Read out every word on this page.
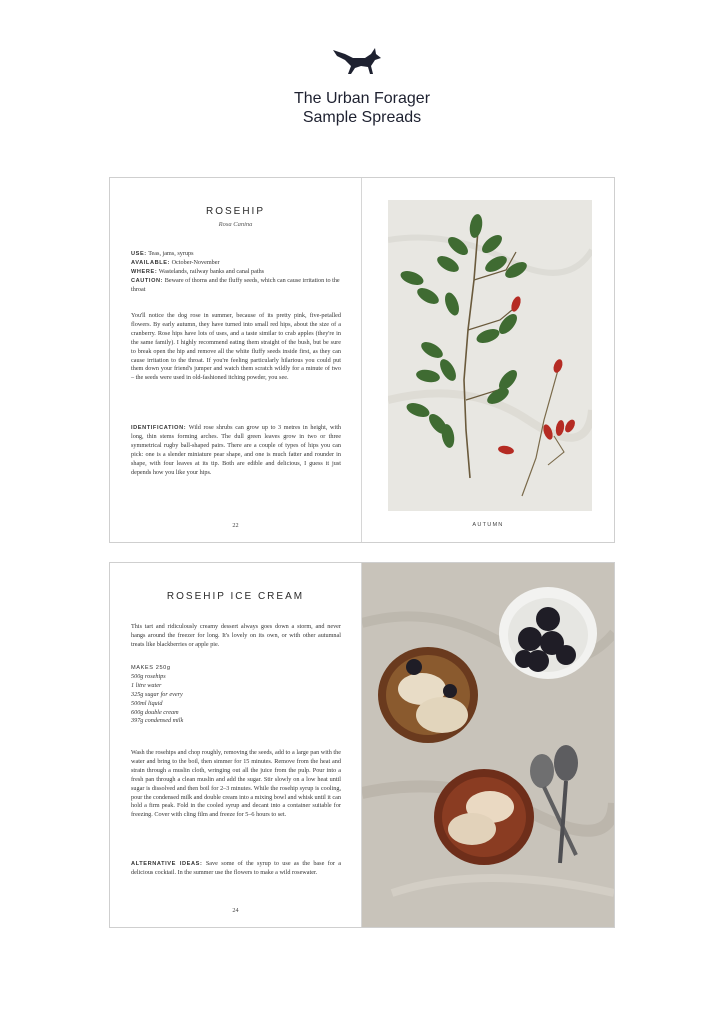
The Urban Forager
Sample Spreads
ROSEHIP
Rosa Canina
USE: Teas, jams, syrups
AVAILABLE: October-November
WHERE: Wastelands, railway banks and canal paths
CAUTION: Beware of thorns and the fluffy seeds, which can cause irritation to the throat
You'll notice the dog rose in summer, because of its pretty pink, five-petalled flowers. By early autumn, they have turned into small red hips, about the size of a cranberry. Rose hips have lots of uses, and a taste similar to crab apples (they're in the same family). I highly recommend eating them straight of the bush, but be sure to break open the hip and remove all the white fluffy seeds inside first, as they can cause irritation to the throat. If you're feeling particularly hilarious you could put them down your friend's jumper and watch them scratch wildly for a minute of two – the seeds were used in old-fashioned itching powder, you see.
IDENTIFICATION: Wild rose shrubs can grow up to 3 metres in height, with long, thin stems forming arches. The dull green leaves grow in two or three symmetrical rugby ball-shaped pairs. There are a couple of types of hips you can pick: one is a slender miniature pear shape, and one is much fatter and rounder in shape, with four leaves at its tip. Both are edible and delicious, I guess it just depends how you like your hips.
22	AUTUMN
ROSEHIP ICE CREAM
This tart and ridiculously creamy dessert always goes down a storm, and never hangs around the freezer for long. It's lovely on its own, or with other autumnal treats like blackberries or apple pie.
MAKES 250g
500g rosehips
1 litre water
325g sugar for every
500ml liquid
600g double cream
397g condensed milk
Wash the rosehips and chop roughly, removing the seeds, add to a large pan with the water and bring to the boil, then simmer for 15 minutes. Remove from the heat and strain through a muslin cloth, wringing out all the juice from the pulp. Pour into a fresh pan through a clean muslin and add the sugar. Stir slowly on a low heat until sugar is dissolved and then boil for 2–3 minutes. While the rosehip syrup is cooling, pour the condensed milk and double cream into a mixing bowl and whisk until it can hold a firm peak. Fold in the cooled syrup and decant into a container suitable for freezing. Cover with cling film and freeze for 5–6 hours to set.
ALTERNATIVE IDEAS: Save some of the syrup to use as the base for a delicious cocktail. In the summer use the flowers to make a wild rosewater.
24
